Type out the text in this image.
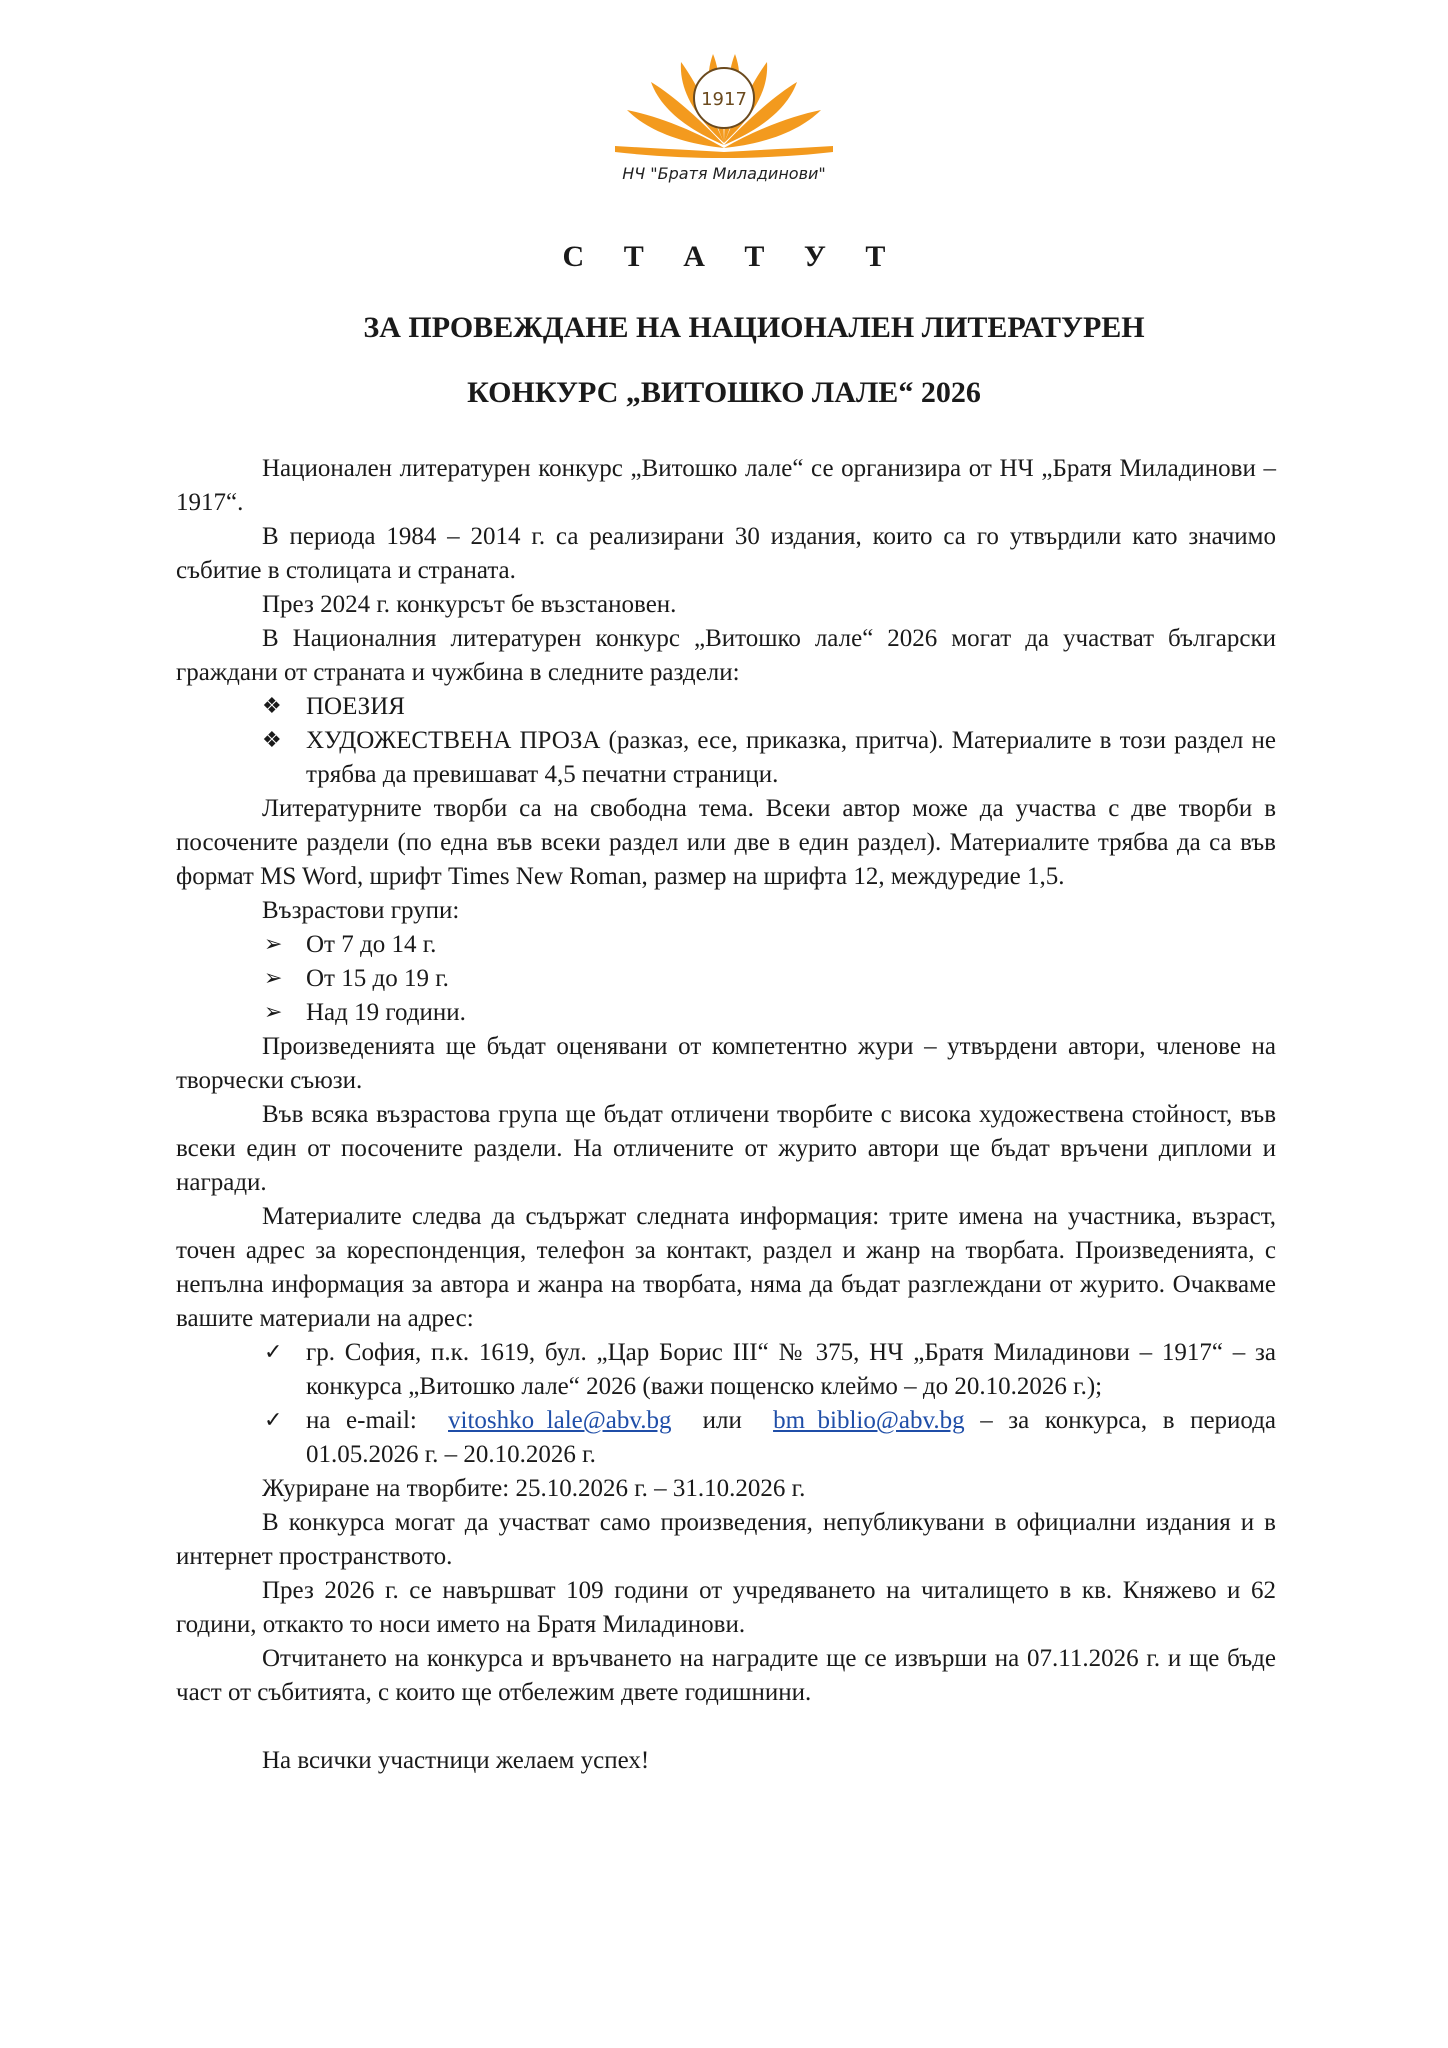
1917
НЧ "Братя Миладинови"
С Т А Т У Т
ЗА ПРОВЕЖДАНЕ НА НАЦИОНАЛЕН ЛИТЕРАТУРЕН
КОНКУРС „ВИТОШКО ЛАЛЕ“ 2026

Национален литературен конкурс „Витошко лале“ се организира от НЧ „Братя Миладинови – 1917“.

В периода 1984 – 2014 г. са реализирани 30 издания, които са го утвърдили като значимо събитие в столицата и страната.

През 2024 г. конкурсът бе възстановен.

В Националния литературен конкурс „Витошко лале“ 2026 могат да участват български граждани от страната и чужбина в следните раздели:

❖ ПОЕЗИЯ
❖ ХУДОЖЕСТВЕНА ПРОЗА (разказ, есе, приказка, притча). Материалите в този раздел не трябва да превишават 4,5 печатни страници.

Литературните творби са на свободна тема. Всеки автор може да участва с две творби в посочените раздели (по една във всеки раздел или две в един раздел). Материалите трябва да са във формат MS Word, шрифт Times New Roman, размер на шрифта 12, междуредие 1,5.

Възрастови групи:

➢ От 7 до 14 г.
➢ От 15 до 19 г.
➢ Над 19 години.

Произведенията ще бъдат оценявани от компетентно жури – утвърдени автори, членове на творчески съюзи.

Във всяка възрастова група ще бъдат отличени творбите с висока художествена стойност, във всеки един от посочените раздели. На отличените от журито автори ще бъдат връчени дипломи и награди.

Материалите следва да съдържат следната информация: трите имена на участника, възраст, точен адрес за кореспонденция, телефон за контакт, раздел и жанр на творбата. Произведенията, с непълна информация за автора и жанра на творбата, няма да бъдат разглеждани от журито. Очакваме вашите материали на адрес:

✓ гр. София, п.к. 1619, бул. „Цар Борис III“ № 375, НЧ „Братя Миладинови – 1917“ – за конкурса „Витошко лале“ 2026 (важи пощенско клеймо – до 20.10.2026 г.);
✓ на e-mail: vitoshko_lale@abv.bg или bm_biblio@abv.bg – за конкурса, в периода 01.05.2026 г. – 20.10.2026 г.

Журиране на творбите: 25.10.2026 г. – 31.10.2026 г.

В конкурса могат да участват само произведения, непубликувани в официални издания и в интернет пространството.

През 2026 г. се навършват 109 години от учредяването на читалището в кв. Княжево и 62 години, откакто то носи името на Братя Миладинови.

Отчитането на конкурса и връчването на наградите ще се извърши на 07.11.2026 г. и ще бъде част от събитията, с които ще отбележим двете годишнини.

На всички участници желаем успех!
